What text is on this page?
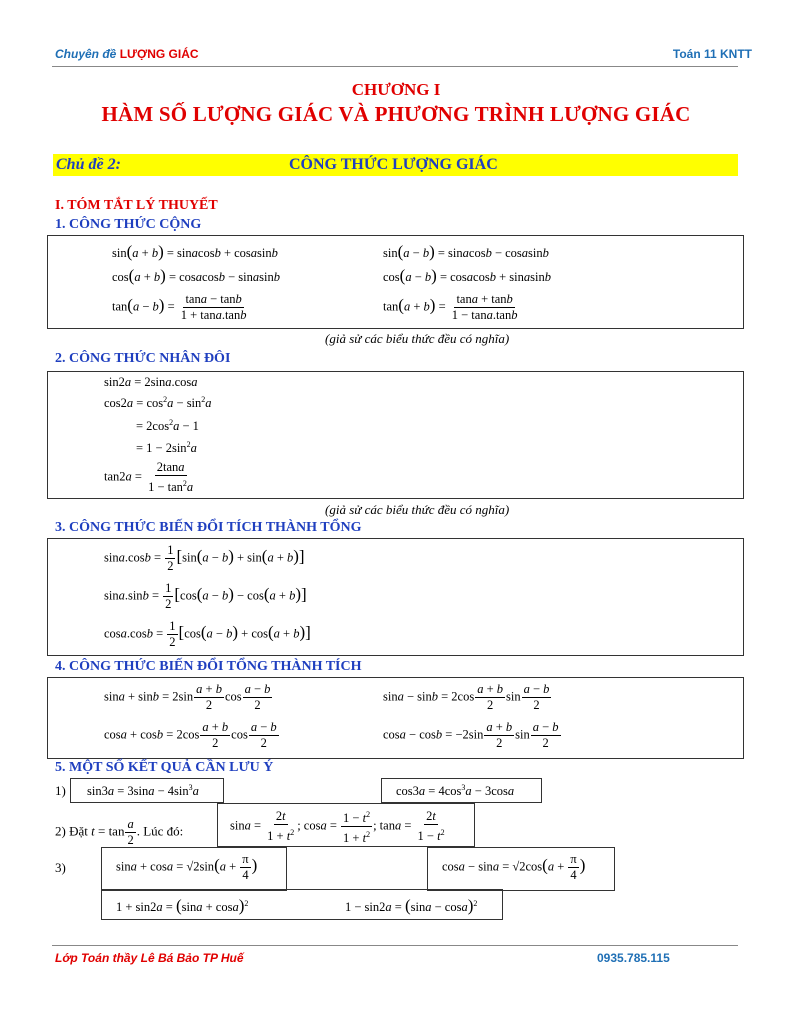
Chuyên đề LƯỢNG GIÁC	Toán 11 KNTT
CHƯƠNG I
HÀM SỐ LƯỢNG GIÁC VÀ PHƯƠNG TRÌNH LƯỢNG GIÁC
Chủ đề 2:	CÔNG THỨC LƯỢNG GIÁC
I. TÓM TẮT LÝ THUYẾT
1. CÔNG THỨC CỘNG
sin(a + b) = sinacosb + cosasinb	sin(a − b) = sinacosb − cosasinb
cos(a + b) = cosacosb − sinasinb	cos(a − b) = cosacosb + sinasinb
$\tan(a - b) = \frac{\tan a - \tan b}{1 + \tan a.\tan b}$	$\tan(a + b) = \frac{\tan a + \tan b}{1 - \tan a.\tan b}$
(giả sử các biểu thức đều có nghĩa)
2. CÔNG THỨC NHÂN ĐÔI
sin2a = 2sina.cosa
$\cos 2a = \cos^2a - \sin^2a$
= $2\cos^2a - 1$
= $1 - 2\sin^2a$
$\tan 2a = \frac{2\tan a}{1 - \tan^2a}$
(giả sử các biểu thức đều có nghĩa)
3. CÔNG THỨC BIẾN ĐỔI TÍCH THÀNH TỔNG
$\sin a.\cos b = \frac{1}{2} [\sin(a - b) + \sin(a + b)]$
$\sin a.\sin b = \frac{1}{2} [\cos(a - b) - \cos(a + b)]$
$\cos a.\cos b = \frac{1}{2} [\cos(a - b) + \cos(a + b)]$
4. CÔNG THỨC BIẾN ĐỔI TỔNG THÀNH TÍCH
$\sin a + \sin b = 2\sin \frac{a + b}{2}$ $\cos \frac{a - b}{2}$	$\sin a - \sin b = 2\cos \frac{a + b}{2}$ $\sin \frac{a - b}{2}$
$\cos a + \cos b = 2\cos \frac{a + b}{2}$ $\cos \frac{a - b}{2}$	$\cos a - \cos b = -2\sin \frac{a + b}{2}$ $\sin \frac{a - b}{2}$
5. MỘT SỐ KẾT QUẢ CẦN LƯU Ý
1) $\sin 3a = 3\sin a - 4\sin^3a$	$\cos 3a = 4\cos^3a - 3\cos a$
2) Đặt $t = \tan \frac{a}{2}$ . Lúc đó:	$\sin a = \frac{2t}{1 + t^2}$ ; $\cos a = \frac{1 - t^2}{1 + t^2}$ ; $\tan a = \frac{2t}{1 - t^2}$
3)	$\sin a + \cos a = √2\sin(a + \frac{\pi}{4}$ )	$\cos a - \sin a = √2\cos(a + \frac{\pi}{4}$ )
$1 + \sin 2a = (\sin a + \cos a)^2$	$1 - \sin 2a = (\sin a - \cos a)^2$
Lớp Toán thầy Lê Bá Bảo TP Huế	0935.785.115
